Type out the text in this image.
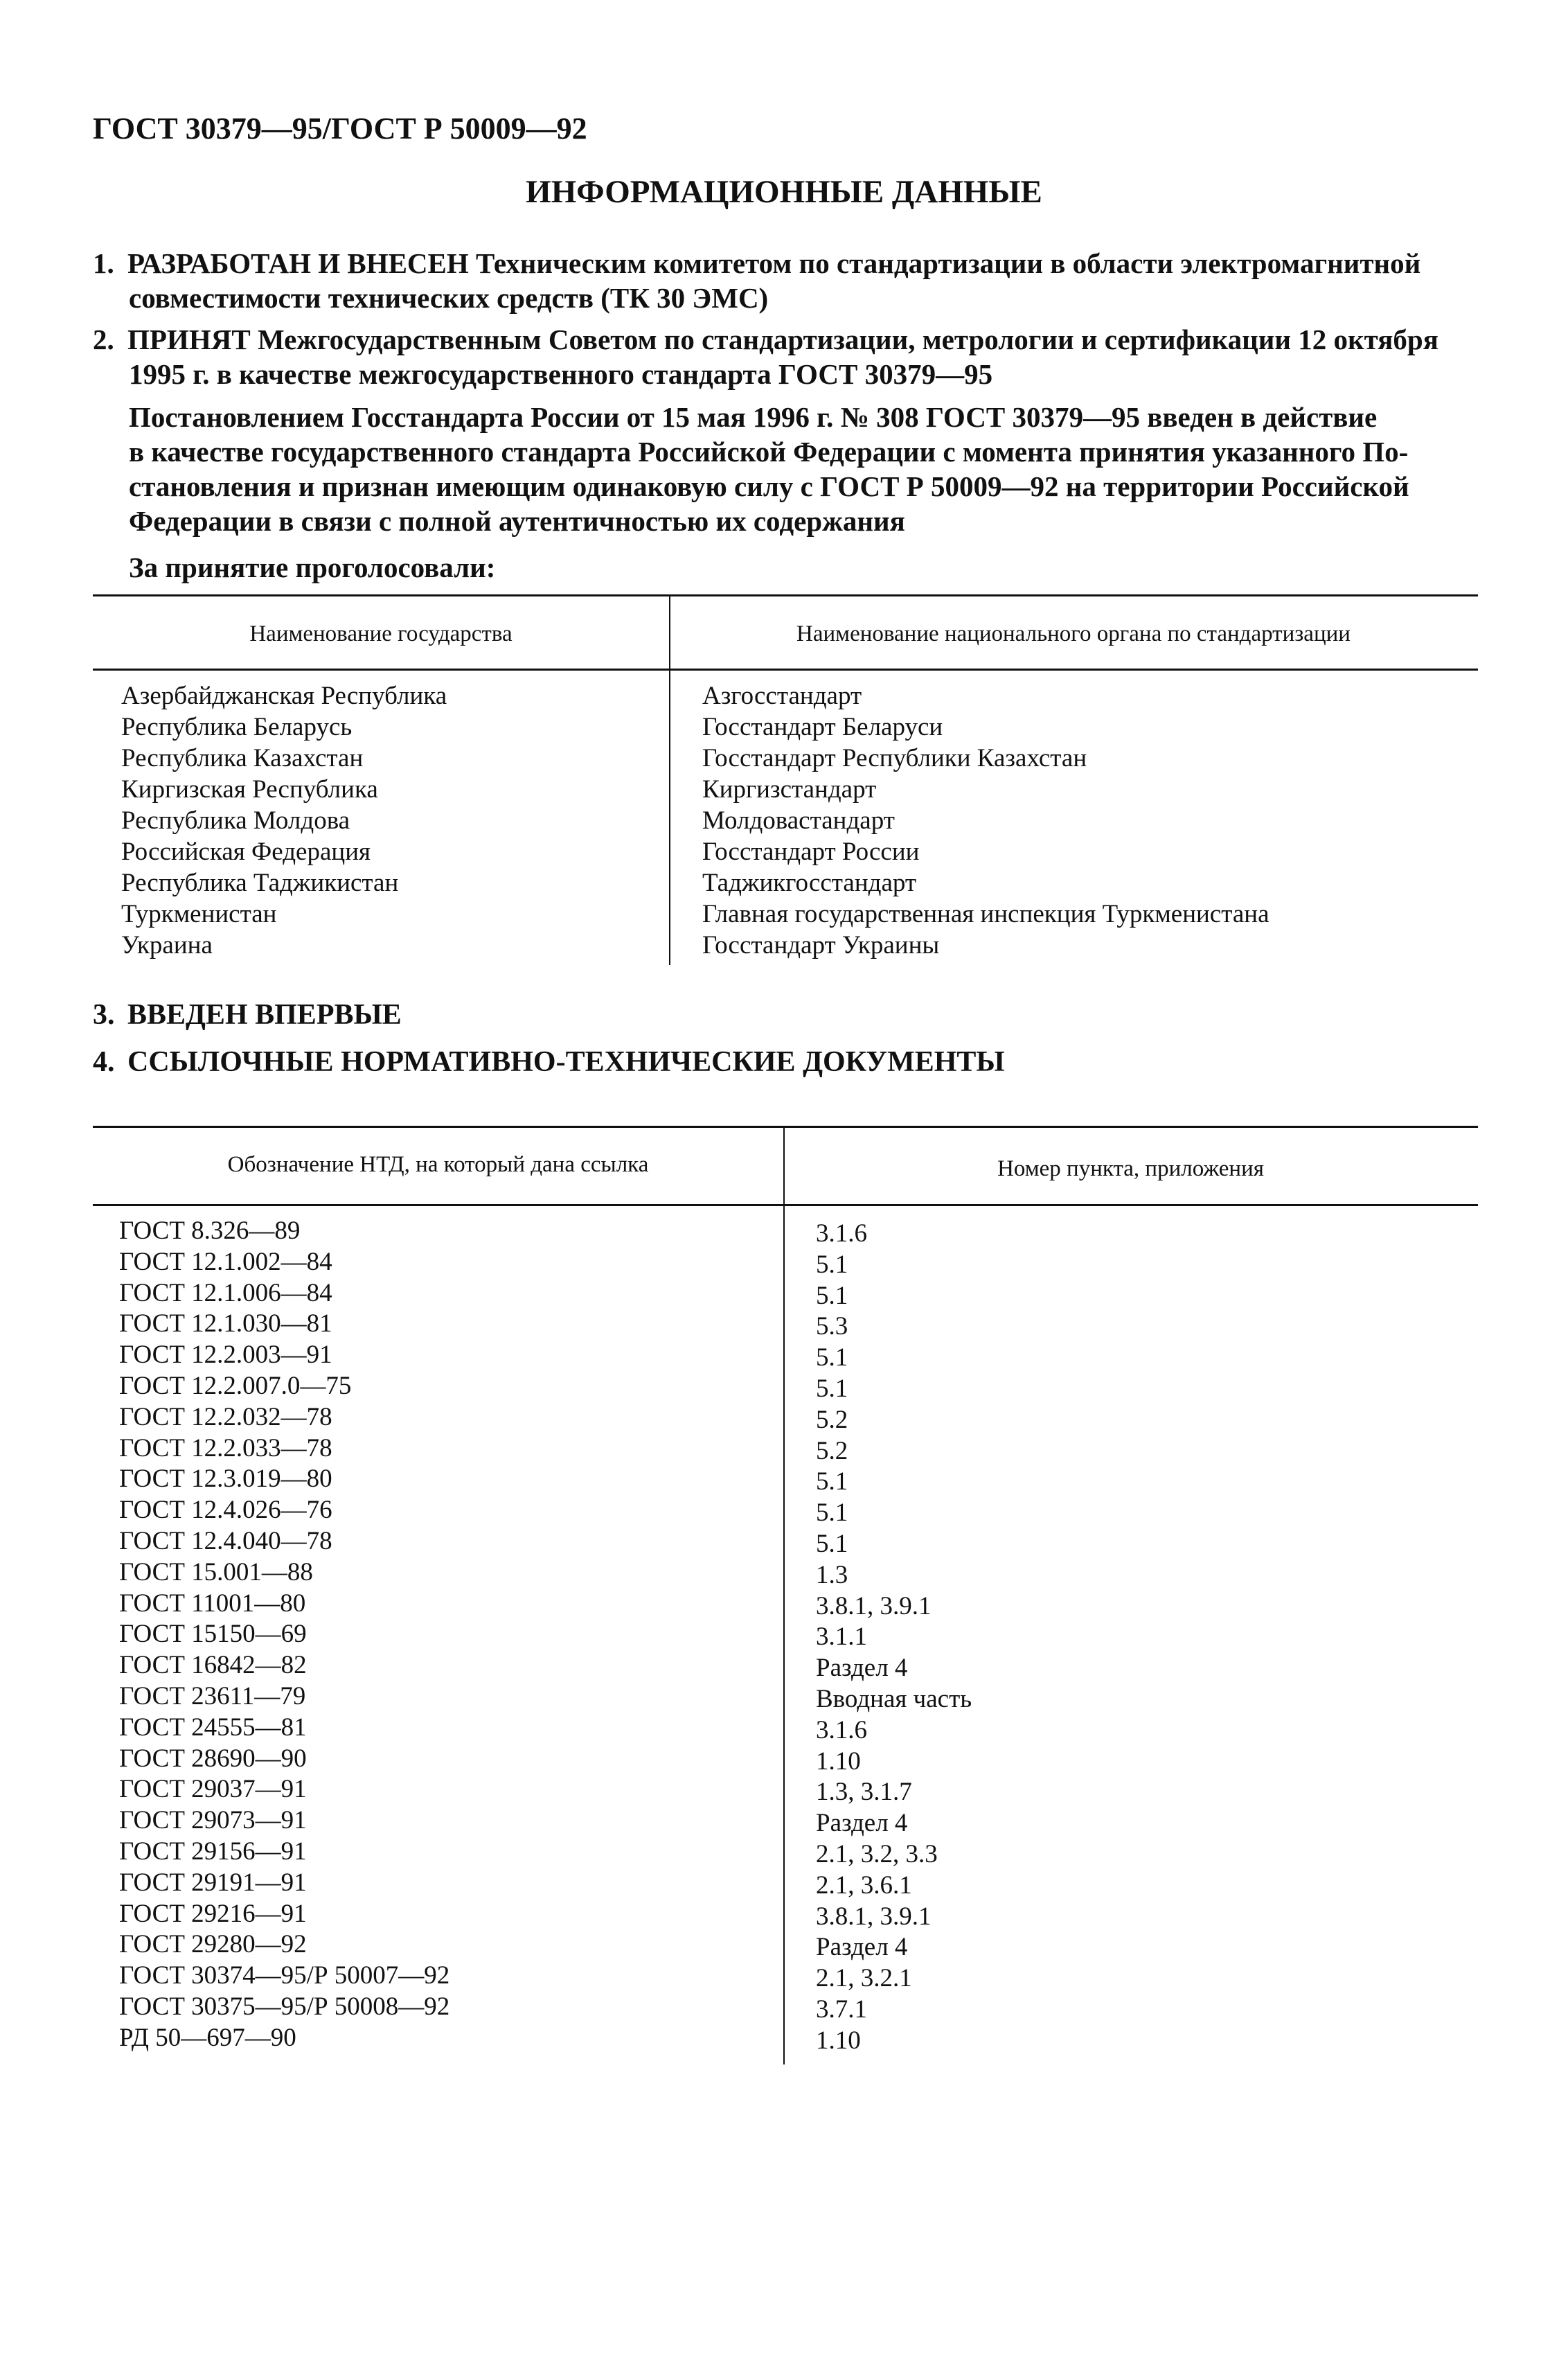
ГОСТ 30379—95/ГОСТ Р 50009—92
ИНФОРМАЦИОННЫЕ ДАННЫЕ
1. РАЗРАБОТАН И ВНЕСЕН Техническим комитетом по стандартизации в области электромагнитной
совместимости технических средств (ТК 30 ЭМС)
2. ПРИНЯТ Межгосударственным Советом по стандартизации, метрологии и сертификации 12 октября
1995 г. в качестве межгосударственного стандарта ГОСТ 30379—95
Постановлением Госстандарта России от 15 мая 1996 г. № 308 ГОСТ 30379—95 введен в действие
в качестве государственного стандарта Российской Федерации с момента принятия указанного По-
становления и признан имеющим одинаковую силу с ГОСТ Р 50009—92 на территории Российской
Федерации в связи с полной аутентичностью их содержания
За принятие проголосовали:
Наименование государства	Наименование национального органа по стандартизации
Азербайджанская Республика	Азгосстандарт
Республика Беларусь	Госстандарт Беларуси
Республика Казахстан	Госстандарт Республики Казахстан
Киргизская Республика	Киргизстандарт
Республика Молдова	Молдовастандарт
Российская Федерация	Госстандарт России
Республика Таджикистан	Таджикгосстандарт
Туркменистан	Главная государственная инспекция Туркменистана
Украина	Госстандарт Украины
3. ВВЕДЕН ВПЕРВЫЕ
4. ССЫЛОЧНЫЕ НОРМАТИВНО-ТЕХНИЧЕСКИЕ ДОКУМЕНТЫ
Обозначение НТД, на который дана ссылка	Номер пункта, приложения
ГОСТ 8.326—89	3.1.6
ГОСТ 12.1.002—84	5.1
ГОСТ 12.1.006—84	5.1
ГОСТ 12.1.030—81	5.3
ГОСТ 12.2.003—91	5.1
ГОСТ 12.2.007.0—75	5.1
ГОСТ 12.2.032—78	5.2
ГОСТ 12.2.033—78	5.2
ГОСТ 12.3.019—80	5.1
ГОСТ 12.4.026—76	5.1
ГОСТ 12.4.040—78	5.1
ГОСТ 15.001—88	1.3
ГОСТ 11001—80	3.8.1, 3.9.1
ГОСТ 15150—69	3.1.1
ГОСТ 16842—82	Раздел 4
ГОСТ 23611—79	Вводная часть
ГОСТ 24555—81	3.1.6
ГОСТ 28690—90	1.10
ГОСТ 29037—91	1.3, 3.1.7
ГОСТ 29073—91	Раздел 4
ГОСТ 29156—91	2.1, 3.2, 3.3
ГОСТ 29191—91	2.1, 3.6.1
ГОСТ 29216—91	3.8.1, 3.9.1
ГОСТ 29280—92	Раздел 4
ГОСТ 30374—95/Р 50007—92	2.1, 3.2.1
ГОСТ 30375—95/Р 50008—92	3.7.1
РД 50—697—90	1.10
